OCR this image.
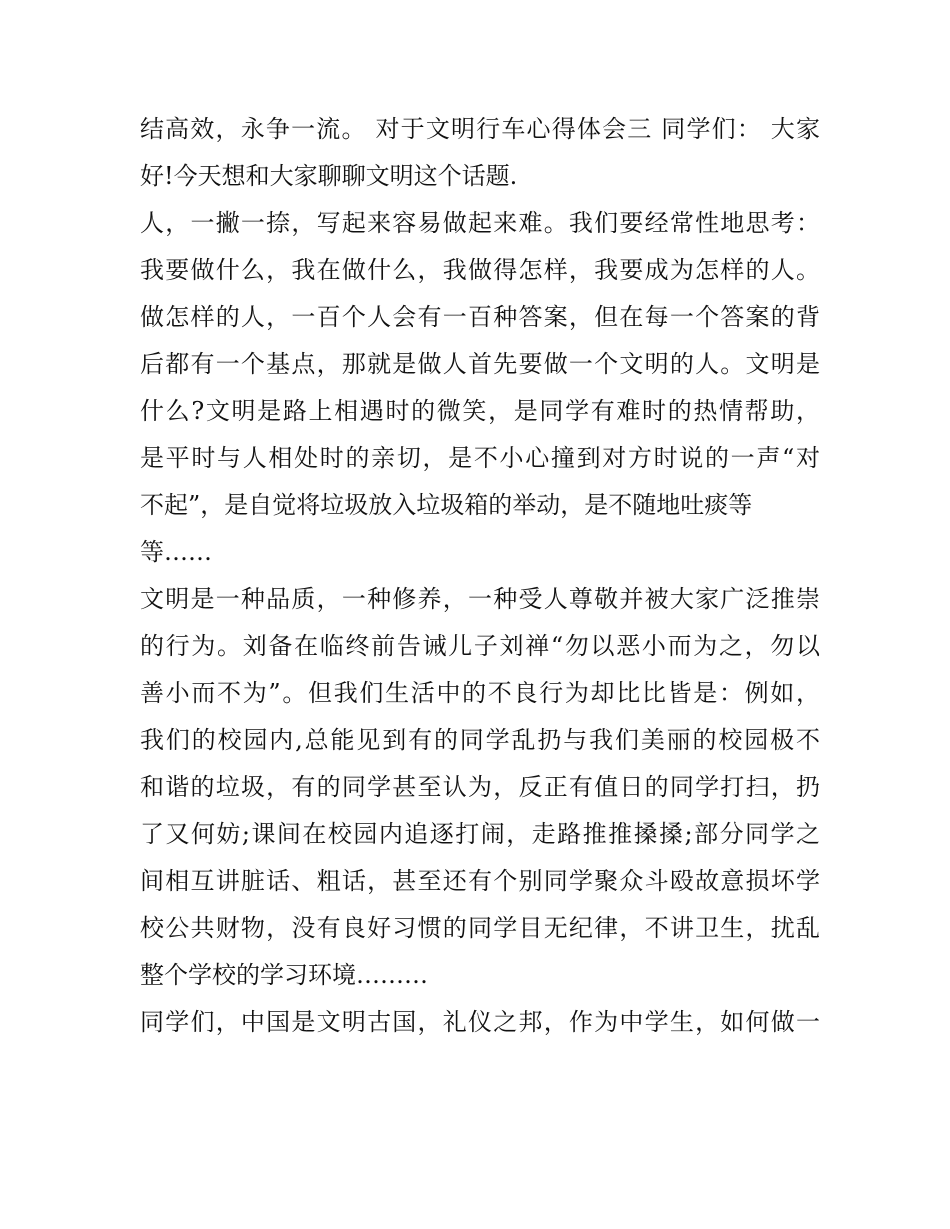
结高效，永争一流。 对于文明行车心得体会三 同学们： 大家
好!今天想和大家聊聊文明这个话题.
人，一撇一捺，写起来容易做起来难。我们要经常性地思考：
我要做什么，我在做什么，我做得怎样，我要成为怎样的人。
做怎样的人，一百个人会有一百种答案，但在每一个答案的背
后都有一个基点，那就是做人首先要做一个文明的人。文明是
什么?文明是路上相遇时的微笑，是同学有难时的热情帮助，
是平时与人相处时的亲切，是不小心撞到对方时说的一声“对
不起”，是自觉将垃圾放入垃圾箱的举动，是不随地吐痰等
等……
文明是一种品质，一种修养，一种受人尊敬并被大家广泛推崇
的行为。刘备在临终前告诫儿子刘禅“勿以恶小而为之，勿以
善小而不为”。但我们生活中的不良行为却比比皆是：例如，
我们的校园内,总能见到有的同学乱扔与我们美丽的校园极不
和谐的垃圾，有的同学甚至认为，反正有值日的同学打扫，扔
了又何妨;课间在校园内追逐打闹，走路推推搡搡;部分同学之
间相互讲脏话、粗话，甚至还有个别同学聚众斗殴故意损坏学
校公共财物，没有良好习惯的同学目无纪律，不讲卫生，扰乱
整个学校的学习环境………
同学们，中国是文明古国，礼仪之邦，作为中学生，如何做一
